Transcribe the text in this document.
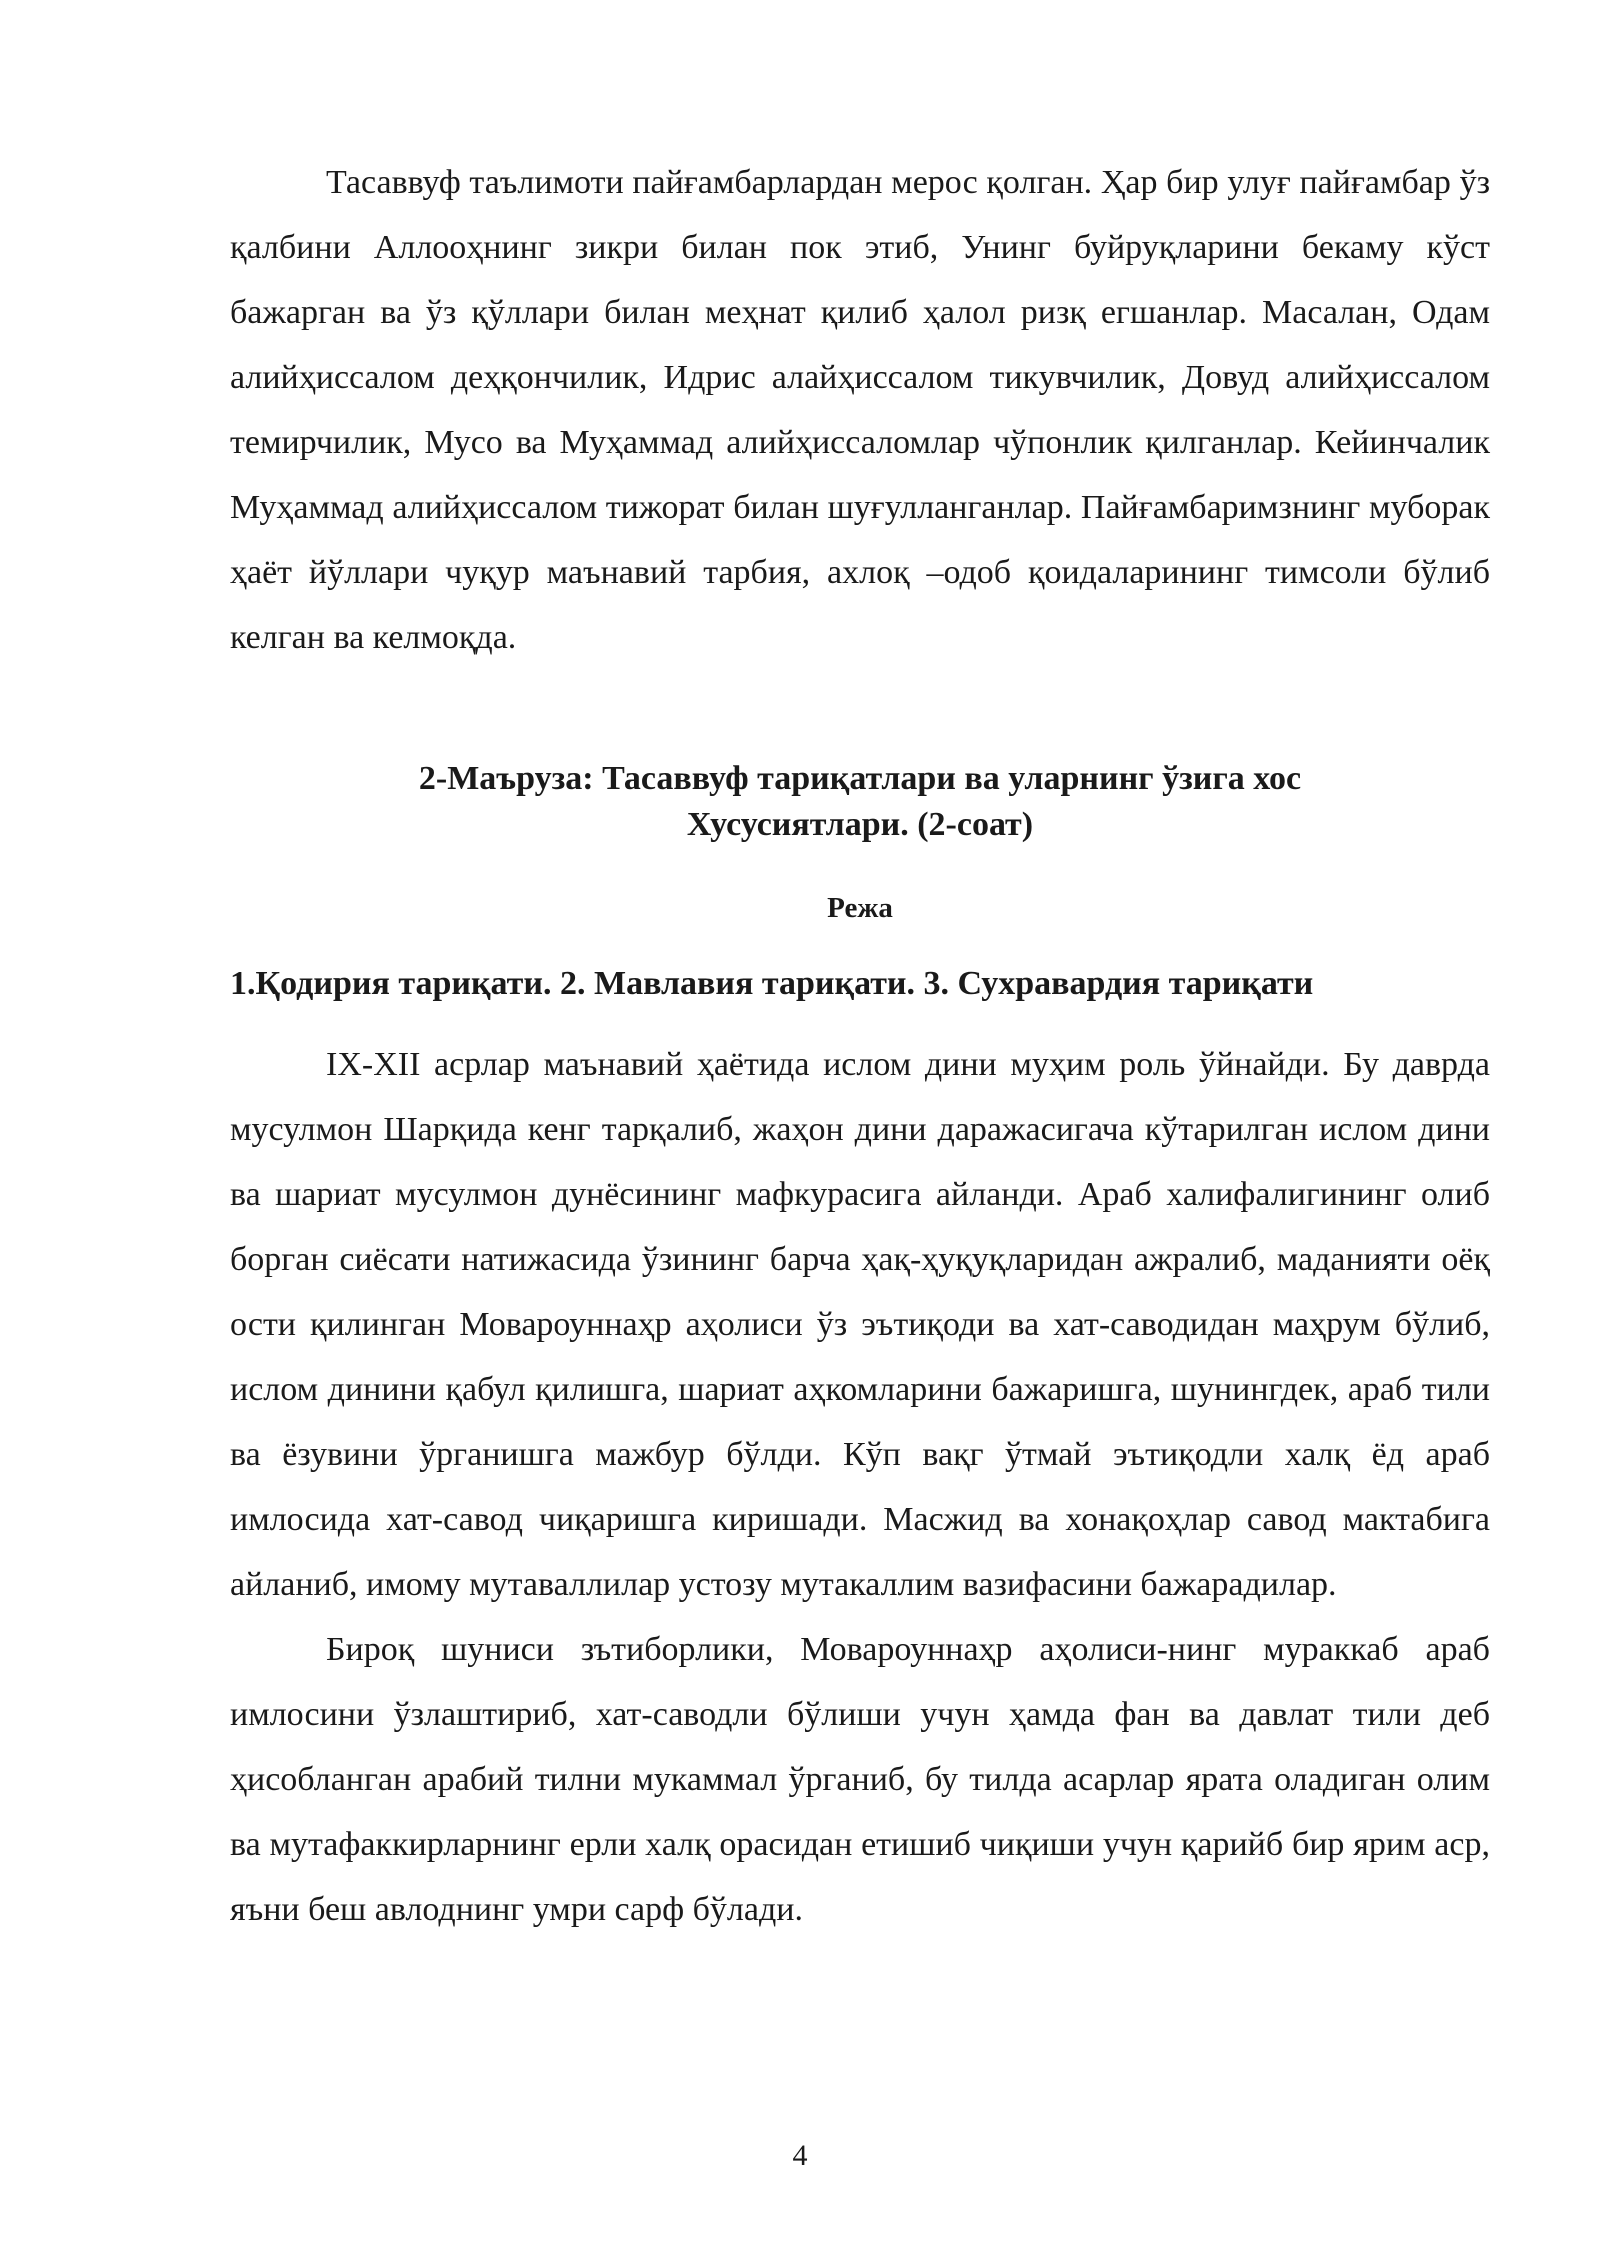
Тасаввуф таълимоти пайғамбарлардан мерос қолган. Ҳар бир улуғ пайғамбар ўз қалбини Аллооҳнинг зикри билан пок этиб, Унинг буйруқларини бекаму кўст бажарган ва ўз қўллари билан меҳнат қилиб ҳалол ризқ егшанлар. Масалан, Одам алийҳиссалом деҳқончилик, Идрис алайҳиссалом тикувчилик, Довуд алийҳиссалом темирчилик, Мусо ва Муҳаммад алийҳиссаломлар чўпонлик қилганлар. Кейинчалик Муҳаммад алийҳиссалом тижорат билан шуғулланганлар. Пайғамбаримзнинг муборак ҳаёт йўллари чуқур маънавий тарбия, ахлоқ –одоб қоидаларининг тимсоли бўлиб келган ва келмоқда.

2-Маъруза: Тасаввуф тариқатлари ва уларнинг ўзига хос
Хусусиятлари. (2-соат)
Режа
1.Қодирия тариқати. 2. Мавлавия тариқати. 3. Сухравардия тариқати

IX-XII асрлар маънавий ҳаётида ислом дини муҳим роль ўйнайди. Бу даврда мусулмон Шарқида кенг тарқалиб, жаҳон дини даражасигача кўтарилган ислом дини ва шариат мусулмон дунёсининг мафкурасига айланди. Араб халифалигининг олиб борган сиёсати натижасида ўзининг барча ҳақ-ҳуқуқларидан ажралиб, маданияти оёқ ости қилинган Мовароуннаҳр аҳолиси ўз эътиқоди ва хат-саводидан маҳрум бўлиб, ислом динини қабул қилишга, шариат аҳкомларини бажаришга, шунингдек, араб тили ва ёзувини ўрганишга мажбур бўлди. Кўп вақг ўтмай эътиқодли халқ ёд араб имлосида хат-савод чиқаришга киришади. Масжид ва хонақоҳлар савод мактабига айланиб, имому мутаваллилар устозу мутакаллим вазифасини бажарадилар.

Бироқ шуниси зътиборлики, Мовароуннаҳр аҳолиси-нинг мураккаб араб имлосини ўзлаштириб, хат-саводли бўлиши учун ҳамда фан ва давлат тили деб ҳисобланган арабий тилни мукаммал ўрганиб, бу тилда асарлар ярата оладиган олим ва мутафаккирларнинг ерли халқ орасидан етишиб чиқиши учун қарийб бир ярим аср, яъни беш авлоднинг умри сарф бўлади.

4
